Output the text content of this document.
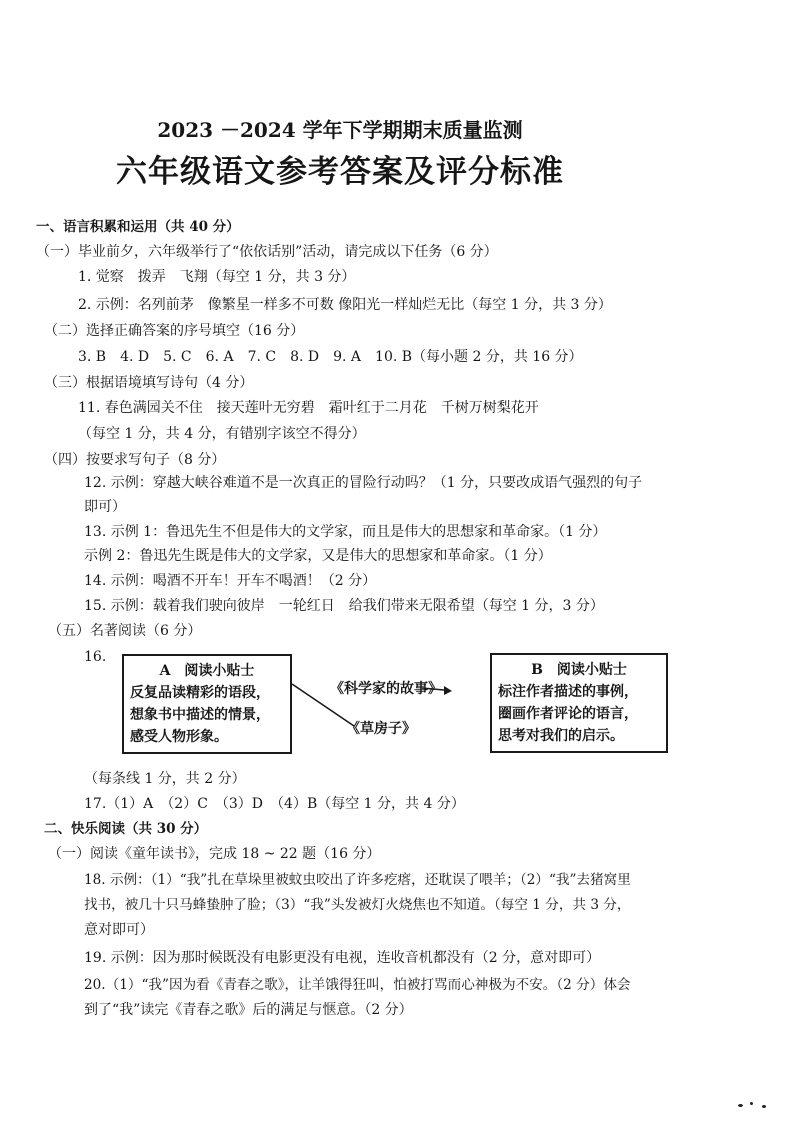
2023 －2024 学年下学期期末质量监测
六年级语文参考答案及评分标准
一、语言积累和运用（共 40 分）
（一）毕业前夕，六年级举行了“依依话别”活动，请完成以下任务（6 分）
1. 觉察　拨弄　飞翔（每空 1 分，共 3 分）
2. 示例：名列前茅　像繁星一样多不可数 像阳光一样灿烂无比（每空 1 分，共 3 分）
（二）选择正确答案的序号填空（16 分）
3. B　4. D　5. C　6. A　7. C　8. D　9. A　10. B（每小题 2 分，共 16 分）
（三）根据语境填写诗句（4 分）
11. 春色满园关不住　接天莲叶无穷碧　霜叶红于二月花　千树万树梨花开
（每空 1 分，共 4 分，有错别字该空不得分）
（四）按要求写句子（8 分）
12. 示例：穿越大峡谷难道不是一次真正的冒险行动吗？（1 分，只要改成语气强烈的句子
即可）
13. 示例 1：鲁迅先生不但是伟大的文学家，而且是伟大的思想家和革命家。（1 分）
示例 2：鲁迅先生既是伟大的文学家，又是伟大的思想家和革命家。（1 分）
14. 示例：喝酒不开车！开车不喝酒！（2 分）
15. 示例：载着我们驶向彼岸　一轮红日　给我们带来无限希望（每空 1 分，3 分）
（五）名著阅读（6 分）
16.
A　阅读小贴士
反复品读精彩的语段，
想象书中描述的情景，
感受人物形象。
《科学家的故事》
《草房子》
B　阅读小贴士
标注作者描述的事例，
圈画作者评论的语言，
思考对我们的启示。
（每条线 1 分，共 2 分）
17.（1）A　（2）C　（3）D　（4）B（每空 1 分，共 4 分）
二、快乐阅读（共 30 分）
（一）阅读《童年读书》，完成 18 ~ 22 题（16 分）
18. 示例：（1）“我”扎在草垛里被蚊虫咬出了许多疙瘩，还耽误了喂羊；（2）“我”去猪窝里
找书，被几十只马蜂蛰肿了脸；（3）“我”头发被灯火烧焦也不知道。（每空 1 分，共 3 分，
意对即可）
19. 示例：因为那时候既没有电影更没有电视，连收音机都没有（2 分，意对即可）
20.（1）“我”因为看《青春之歌》，让羊饿得狂叫，怕被打骂而心神极为不安。（2 分）体会
到了“我”读完《青春之歌》后的满足与惬意。（2 分）
